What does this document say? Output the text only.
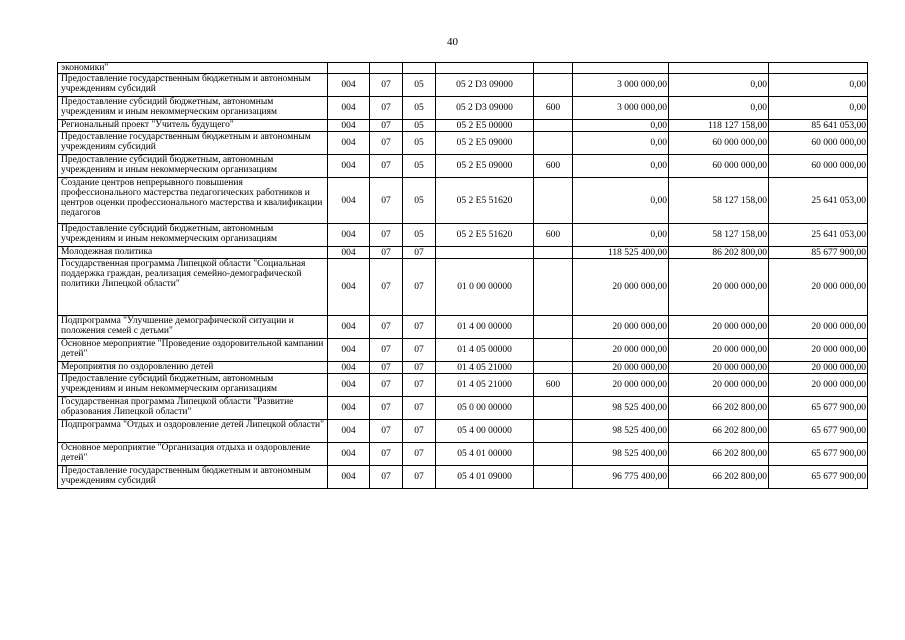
40
экономики"								
Предоставление государственным бюджетным и автономным учреждениям субсидий	004	07	05	05 2 D3 09000		3 000 000,00	0,00	0,00
Предоставление субсидий бюджетным, автономным учреждениям и иным некоммерческим организациям	004	07	05	05 2 D3 09000	600	3 000 000,00	0,00	0,00
Региональный проект "Учитель будущего"	004	07	05	05 2 E5 00000		0,00	118 127 158,00	85 641 053,00
Предоставление государственным бюджетным и автономным учреждениям субсидий	004	07	05	05 2 E5 09000		0,00	60 000 000,00	60 000 000,00
Предоставление субсидий бюджетным, автономным учреждениям и иным некоммерческим организациям	004	07	05	05 2 E5 09000	600	0,00	60 000 000,00	60 000 000,00
Создание центров непрерывного повышения профессионального мастерства педагогических работников и центров оценки профессионального мастерства и квалификации педагогов	004	07	05	05 2 E5 51620		0,00	58 127 158,00	25 641 053,00
Предоставление субсидий бюджетным, автономным учреждениям и иным некоммерческим организациям	004	07	05	05 2 E5 51620	600	0,00	58 127 158,00	25 641 053,00
Молодежная политика	004	07	07			118 525 400,00	86 202 800,00	85 677 900,00
Государственная программа Липецкой области "Социальная поддержка граждан, реализация семейно-демографической политики Липецкой области"	004	07	07	01 0 00 00000		20 000 000,00	20 000 000,00	20 000 000,00
Подпрограмма "Улучшение демографической ситуации и положения семей с детьми"	004	07	07	01 4 00 00000		20 000 000,00	20 000 000,00	20 000 000,00
Основное мероприятие "Проведение оздоровительной кампании детей"	004	07	07	01 4 05 00000		20 000 000,00	20 000 000,00	20 000 000,00
Мероприятия по оздоровлению детей	004	07	07	01 4 05 21000		20 000 000,00	20 000 000,00	20 000 000,00
Предоставление субсидий бюджетным, автономным учреждениям и иным некоммерческим организациям	004	07	07	01 4 05 21000	600	20 000 000,00	20 000 000,00	20 000 000,00
Государственная программа Липецкой области "Развитие образования Липецкой области"	004	07	07	05 0 00 00000		98 525 400,00	66 202 800,00	65 677 900,00
Подпрограмма "Отдых и оздоровление детей Липецкой области"	004	07	07	05 4 00 00000		98 525 400,00	66 202 800,00	65 677 900,00
Основное мероприятие "Организация отдыха и оздоровление детей"	004	07	07	05 4 01 00000		98 525 400,00	66 202 800,00	65 677 900,00
Предоставление государственным бюджетным и автономным учреждениям субсидий	004	07	07	05 4 01 09000		96 775 400,00	66 202 800,00	65 677 900,00
